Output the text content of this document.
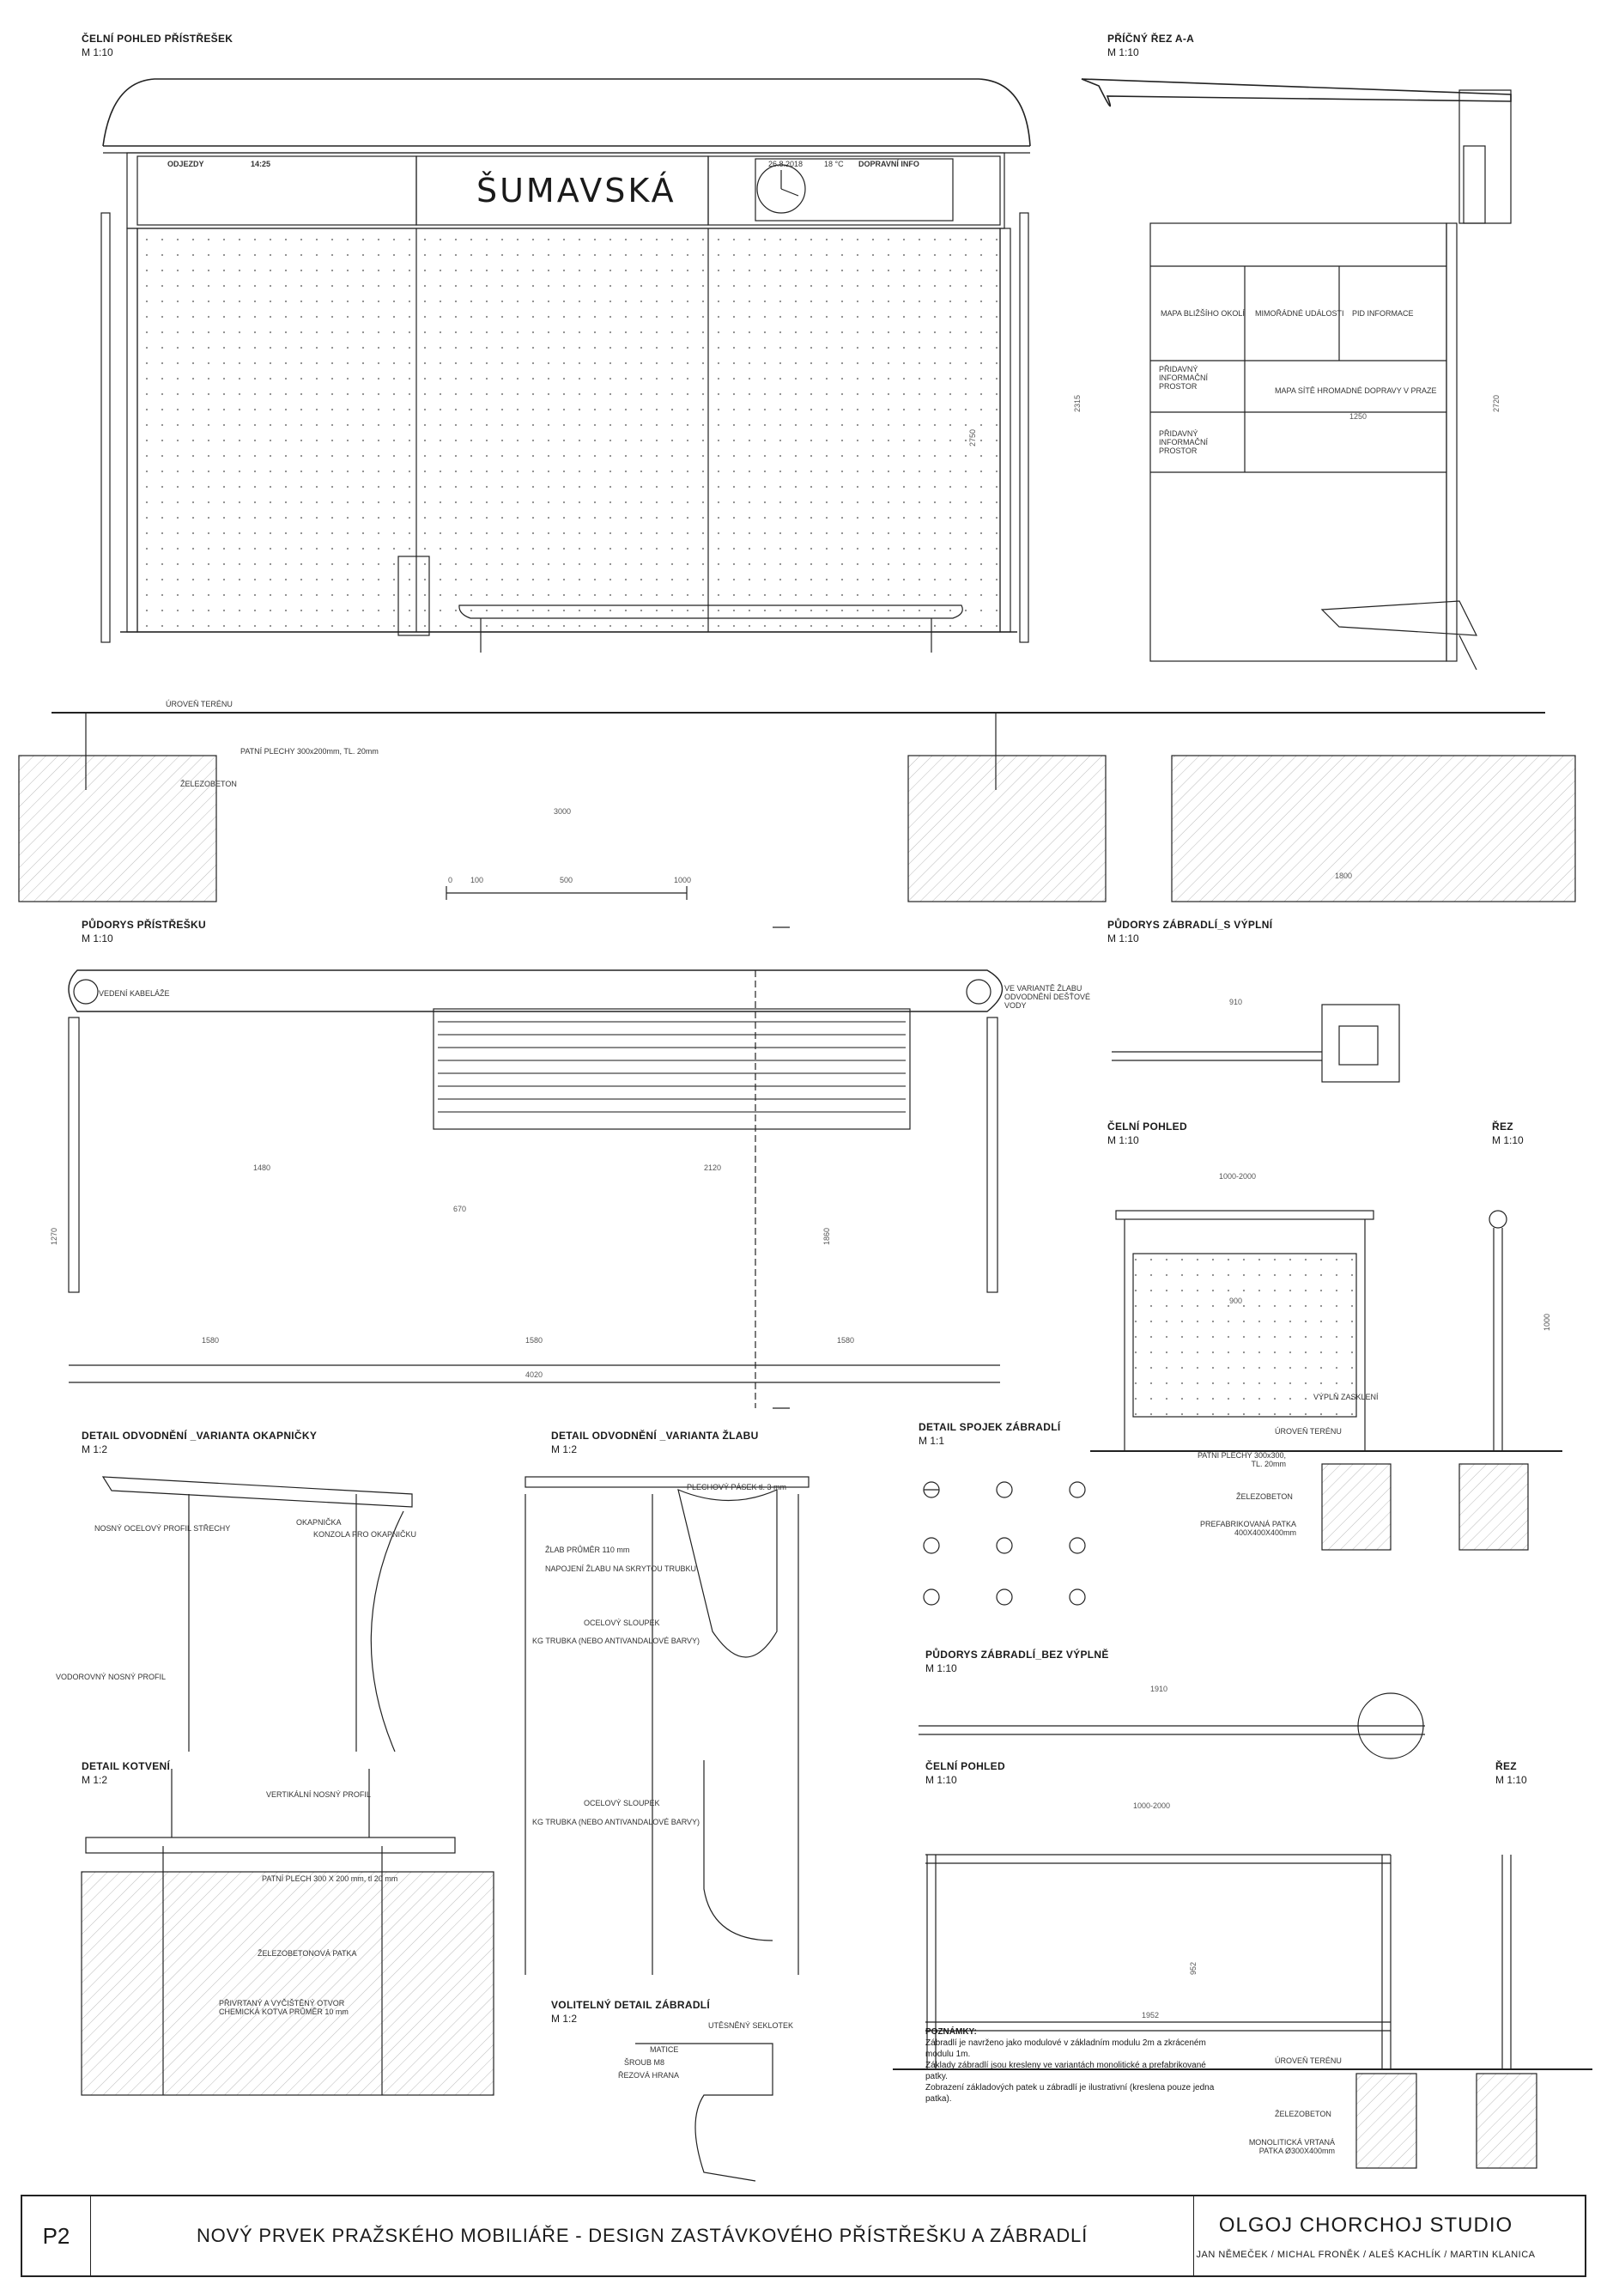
ČELNÍ POHLED PŘÍSTŘEŠEK
M 1:10
PŘÍČNÝ ŘEZ A-A
M 1:10
PŮDORYS PŘÍSTŘEŠKU
M 1:10
PŮDORYS ZÁBRADLÍ_S VÝPLNÍ
M 1:10
ČELNÍ POHLED
M 1:10
ŘEZ
M 1:10
DETAIL ODVODNĚNÍ _VARIANTA OKAPNIČKY
M 1:2
DETAIL ODVODNĚNÍ _VARIANTA ŽLABU
M 1:2
DETAIL SPOJEK ZÁBRADLÍ
M 1:1
PŮDORYS ZÁBRADLÍ_BEZ VÝPLNĚ
M 1:10
DETAIL KOTVENÍ
M 1:2
VOLITELNÝ DETAIL ZÁBRADLÍ
M 1:2
ČELNÍ POHLED
M 1:10
ŘEZ
M 1:10
ŠUMAVSKÁ
ODJEZDY	14:25	26.8.2018	18 °C DOPRAVNÍ INFO
ÚROVEŇ TERÉNU
PATNÍ PLECHY 300x200mm, TL. 20mm
ŽELEZOBETON
MAPA BLIŽŠÍHO OKOLÍ MIMOŘÁDNÉ UDÁLOSTI PID INFORMACE
PŘIDAVNÝ INFORMAČNÍ PROSTOR	MAPA SÍTĚ HROMADNÉ DOPRAVY V PRAZE
PŘIDAVNÝ INFORMAČNÍ PROSTOR
VEDENÍ KABELÁŽE
VE VARIANTĚ ŽLABU ODVODNĚNÍ DEŠŤOVÉ VODY
VÝPLŇ ZASKLENÍ
ÚROVEŇ TERÉNU
PATNÍ PLECHY 300x300, TL. 20mm
ŽELEZOBETON
PREFABRIKOVANÁ PATKA 400X400X400mm
ÚROVEŇ TERÉNU
ŽELEZOBETON
MONOLITICKÁ VRTANÁ PATKA Ø300X400mm
OKAPNIČKA
KONZOLA PRO OKAPNIČKU
NOSNÝ OCELOVÝ PROFIL STŘECHY
VODOROVNÝ NOSNÝ PROFIL
PLECHOVÝ PÁSEK tl. 3 mm
ŽLAB PRŮMĚR 110 mm
NAPOJENÍ ŽLABU NA SKRYTOU TRUBKU
OCELOVÝ SLOUPEK
KG TRUBKA (NEBO ANTIVANDALOVÉ BARVY)
OCELOVÝ SLOUPEK
KG TRUBKA (NEBO ANTIVANDALOVÉ BARVY)
VERTIKÁLNÍ NOSNÝ PROFIL
PATNÍ PLECH 300 X 200 mm, tl 20 mm
ŽELEZOBETONOVÁ PATKA
PŘIVRTANÝ A VYČIŠTĚNÝ OTVOR CHEMICKÁ KOTVA PRŮMĚR 10 mm
MATICE
ŠROUB M8
ŘEZOVÁ HRANA
UTĚSNĚNÝ SEKLOTEK
4020
3000
2120
1480
1580	1580	1580
670
1800
1250
2315	2720
2750
1270	1860
910
1000-2000
900
1910
1000-2000
1952
1000
952
0 100	500	1000
POZNÁMKY:
Zábradlí je navrženo jako modulové v základním modulu 2m a zkráceném modulu 1m.
Základy zábradlí jsou kresleny ve variantách monolitické a prefabrikované patky.
Zobrazení základových patek u zábradlí je ilustrativní (kreslena pouze jedna patka).
P2	NOVÝ PRVEK PRAŽSKÉHO MOBILIÁŘE - DESIGN ZASTÁVKOVÉHO PŘÍSTŘEŠKU A ZÁBRADLÍ	OLGOJ CHORCHOJ STUDIO
JAN NĚMEČEK / MICHAL FRONĚK / ALEŠ KACHLÍK / MARTIN KLANICA
